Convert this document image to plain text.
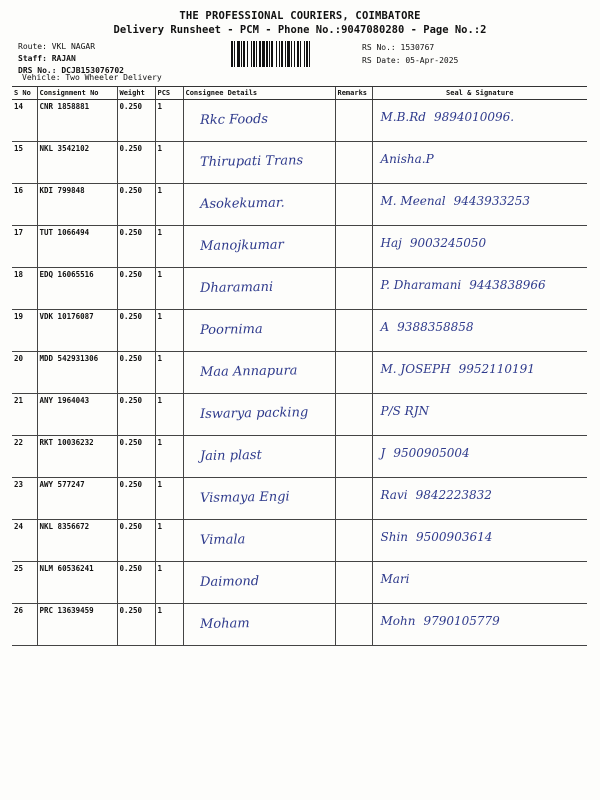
THE PROFESSIONAL COURIERS, COIMBATORE
Delivery Runsheet - PCM - Phone No.:9047080280 - Page No.:2
Route: VKL NAGAR
Staff: RAJAN
DRS No.: DCJB153076702
RS No.: 1530767
RS Date: 05-Apr-2025
Vehicle: Two Wheeler Delivery
S No	Consignment No	Weight	PCS	Consignee Details	Remarks	Seal & Signature
14	CNR 1858881	0.250	1	Rkc Foods		M.B.Rd 9894010096.

15	NKL 3542102	0.250	1	Thirupati Trans		Anisha.P

16	KDI 799848	0.250	1	Asokekumar.		M. Meenal 9443933253

17	TUT 1066494	0.250	1	Manojkumar		Haj 9003245050

18	EDQ 16065516	0.250	1	Dharamani		P. Dharamani 9443838966

19	VDK 10176087	0.250	1	Poornima		A 9388358858

20	MDD 542931306	0.250	1	Maa Annapura		M. JOSEPH 9952110191

21	ANY 1964043	0.250	1	Iswarya packing		P/S RJN

22	RKT 10036232	0.250	1	Jain plast		J 9500905004

23	AWY 577247	0.250	1	Vismaya Engi		Ravi 9842223832

24	NKL 8356672	0.250	1	Vimala		Shin 9500903614

25	NLM 60536241	0.250	1	Daimond		Mari

26	PRC 13639459	0.250	1	Moham		Mohn 9790105779
